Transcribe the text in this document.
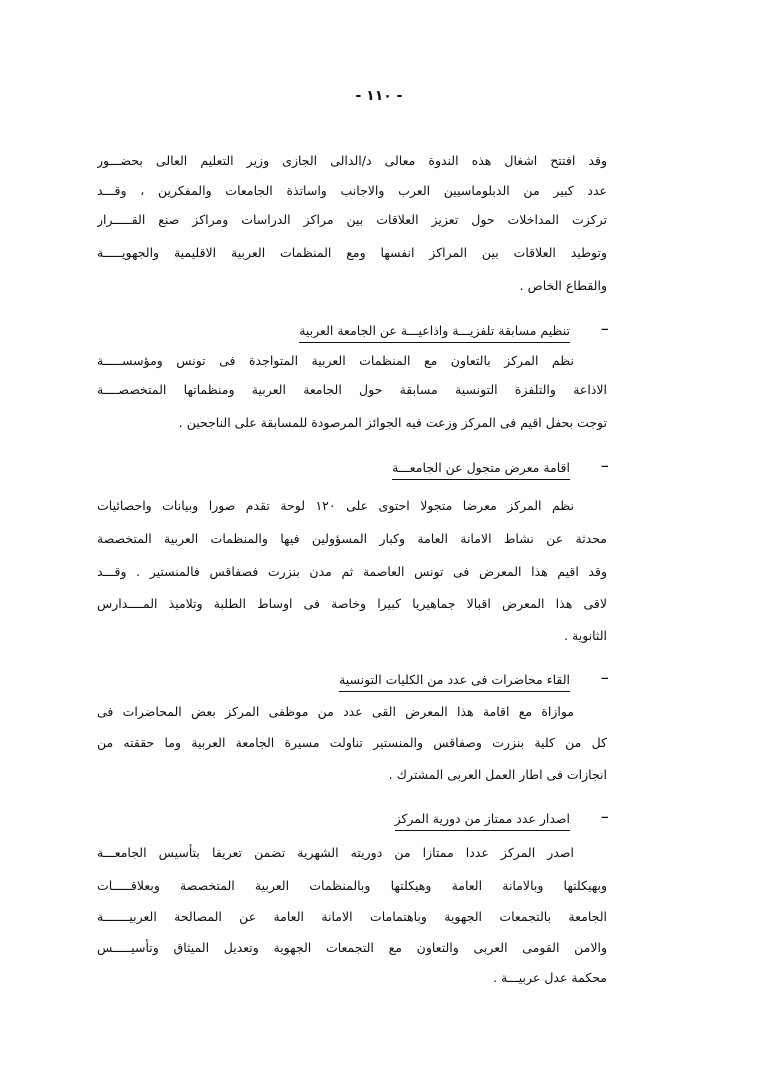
- ١١٠ -
وقد افتتح اشغال هذه الندوة معالى د/الدالى الجازى وزير التعليم العالى بحضـــور
عدد كبير من الدبلوماسيين العرب والاجانب واساتذة الجامعات والمفكرين ، وقـــد
تركزت المداخلات حول تعزيز العلاقات بين مراكز الدراسات ومراكز صنع القـــــرار
وتوطيد العلاقات بين المراكز انفسها ومع المنظمات العربية الاقليمية والجهويـــــة
والقطاع الخاص .
_
تنظيم مسابقة تلفزيـــة واذاعيـــة عن الجامعة العربية
نظم المركز بالتعاون مع المنظمات العربية المتواجدة فى تونس ومؤسســـــة
الاذاعة والتلفزة التونسية مسابقة حول الجامعة العربية ومنظماتها المتخصصــــة
توجت بحفل اقيم فى المركز وزعت فيه الجوائز المرصودة للمسابقة على الناجحين .
_
اقامة معرض متجول عن الجامعـــة
نظم المركز معرضا متجولا احتوى على ١٢٠ لوحة تقدم صورا وبيانات واحصائيات
محدثة عن نشاط الامانة العامة وكبار المسؤولين فيها والمنظمات العربية المتخصصة
وقد اقيم هذا المعرض فى تونس العاصمة ثم مدن بنزرت فصفاقس فالمنستير . وقـــد
لاقى هذا المعرض اقبالا جماهيريا كبيرا وخاصة فى اوساط الطلبة وتلاميذ المــــدارس
الثانوية .
_
القاء محاضرات فى عدد من الكليات التونسية
موازاة مع اقامة هذا المعرض القى عدد من موظفى المركز بعض المحاضرات فى
كل من كلية بنزرت وصفاقس والمنستير تناولت مسيرة الجامعة العربية وما حققته من
انجازات فى اطار العمل العربى المشترك .
_
اصدار عدد ممتاز من دورية المركز
اصدر المركز عددا ممتازا من دوريته الشهرية تضمن تعريفا بتأسيس الجامعـــة
وبهيكلتها وبالامانة العامة وهيكلتها وبالمنظمات العربية المتخصصة وبعلاقـــــات
الجامعة بالتجمعات الجهوية وباهتمامات الامانة العامة عن المصالحة العربيـــــــة
والامن القومى العربى والتعاون مع التجمعات الجهوية وتعديل الميثاق وتأسيـــــس
محكمة عدل عربيـــة .
